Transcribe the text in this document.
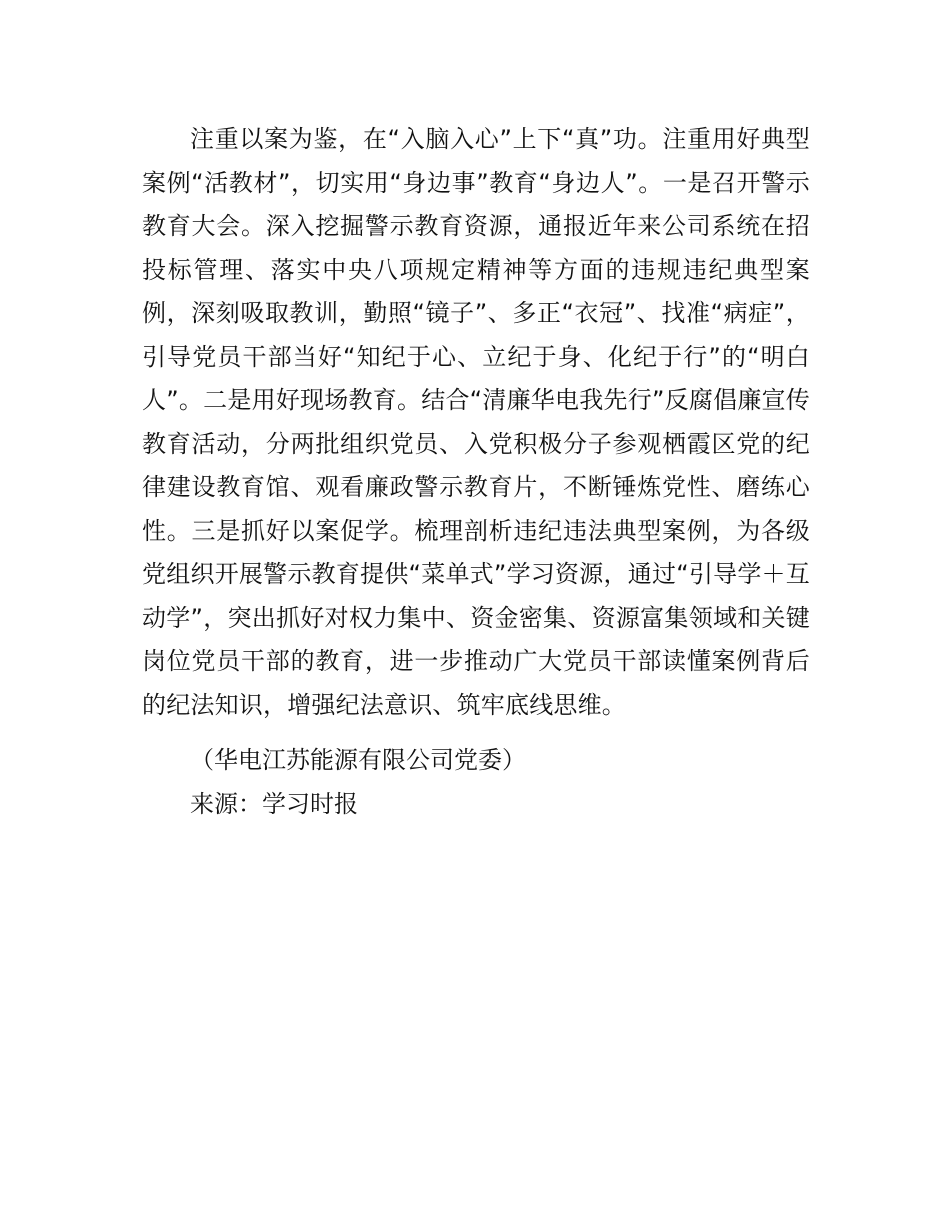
注重以案为鉴，在“入脑入心”上下“真”功。注重用好典型案例“活教材”，切实用“身边事”教育“身边人”。一是召开警示教育大会。深入挖掘警示教育资源，通报近年来公司系统在招投标管理、落实中央八项规定精神等方面的违规违纪典型案例，深刻吸取教训，勤照“镜子”、多正“衣冠”、找准“病症”，引导党员干部当好“知纪于心、立纪于身、化纪于行”的“明白人”。二是用好现场教育。结合“清廉华电我先行”反腐倡廉宣传教育活动，分两批组织党员、入党积极分子参观栖霞区党的纪律建设教育馆、观看廉政警示教育片，不断锤炼党性、磨练心性。三是抓好以案促学。梳理剖析违纪违法典型案例，为各级党组织开展警示教育提供“菜单式”学习资源，通过“引导学＋互动学”，突出抓好对权力集中、资金密集、资源富集领域和关键岗位党员干部的教育，进一步推动广大党员干部读懂案例背后的纪法知识，增强纪法意识、筑牢底线思维。

（华电江苏能源有限公司党委）

来源：学习时报
